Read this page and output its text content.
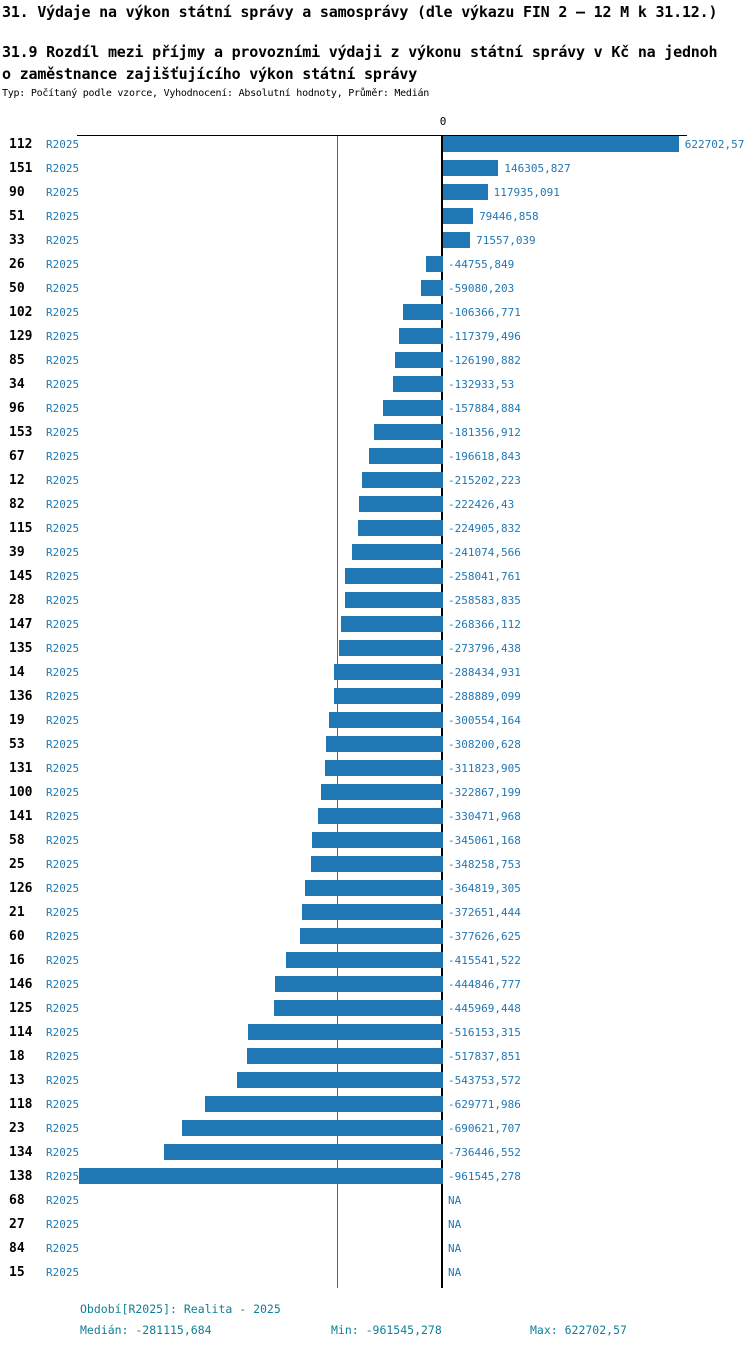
31. Výdaje na výkon státní správy a samosprávy (dle výkazu FIN 2 — 12 M k 31.12.)
31.9 Rozdíl mezi příjmy a provozními výdaji z výkonu státní správy v Kč na jednoh
o zaměstnance zajišťujícího výkon státní správy
Typ: Počítaný podle vzorce, Vyhodnocení: Absolutní hodnoty, Průměr: Medián
0
112 R2025	622702,57
151 R2025	146305,827
90 R2025	117935,091
51 R2025	79446,858
33 R2025	71557,039
26 R2025	-44755,849
50 R2025	-59080,203
102 R2025	-106366,771
129 R2025	-117379,496
85 R2025	-126190,882
34 R2025	-132933,53
96 R2025	-157884,884
153 R2025	-181356,912
67 R2025	-196618,843
12 R2025	-215202,223
82 R2025	-222426,43
115 R2025	-224905,832
39 R2025	-241074,566
145 R2025	-258041,761
28 R2025	-258583,835
147 R2025	-268366,112
135 R2025	-273796,438
14 R2025	-288434,931
136 R2025	-288889,099
19 R2025	-300554,164
53 R2025	-308200,628
131 R2025	-311823,905
100 R2025	-322867,199
141 R2025	-330471,968
58 R2025	-345061,168
25 R2025	-348258,753
126 R2025	-364819,305
21 R2025	-372651,444
60 R2025	-377626,625
16 R2025	-415541,522
146 R2025	-444846,777
125 R2025	-445969,448
114 R2025	-516153,315
18 R2025	-517837,851
13 R2025	-543753,572
118 R2025	-629771,986
23 R2025	-690621,707
134 R2025	-736446,552
138 R2025	-961545,278
68 R2025	NA
27 R2025	NA
84 R2025	NA
15 R2025	NA
Období[R2025]: Realita - 2025
Medián: -281115,684	Min: -961545,278	Max: 622702,57
